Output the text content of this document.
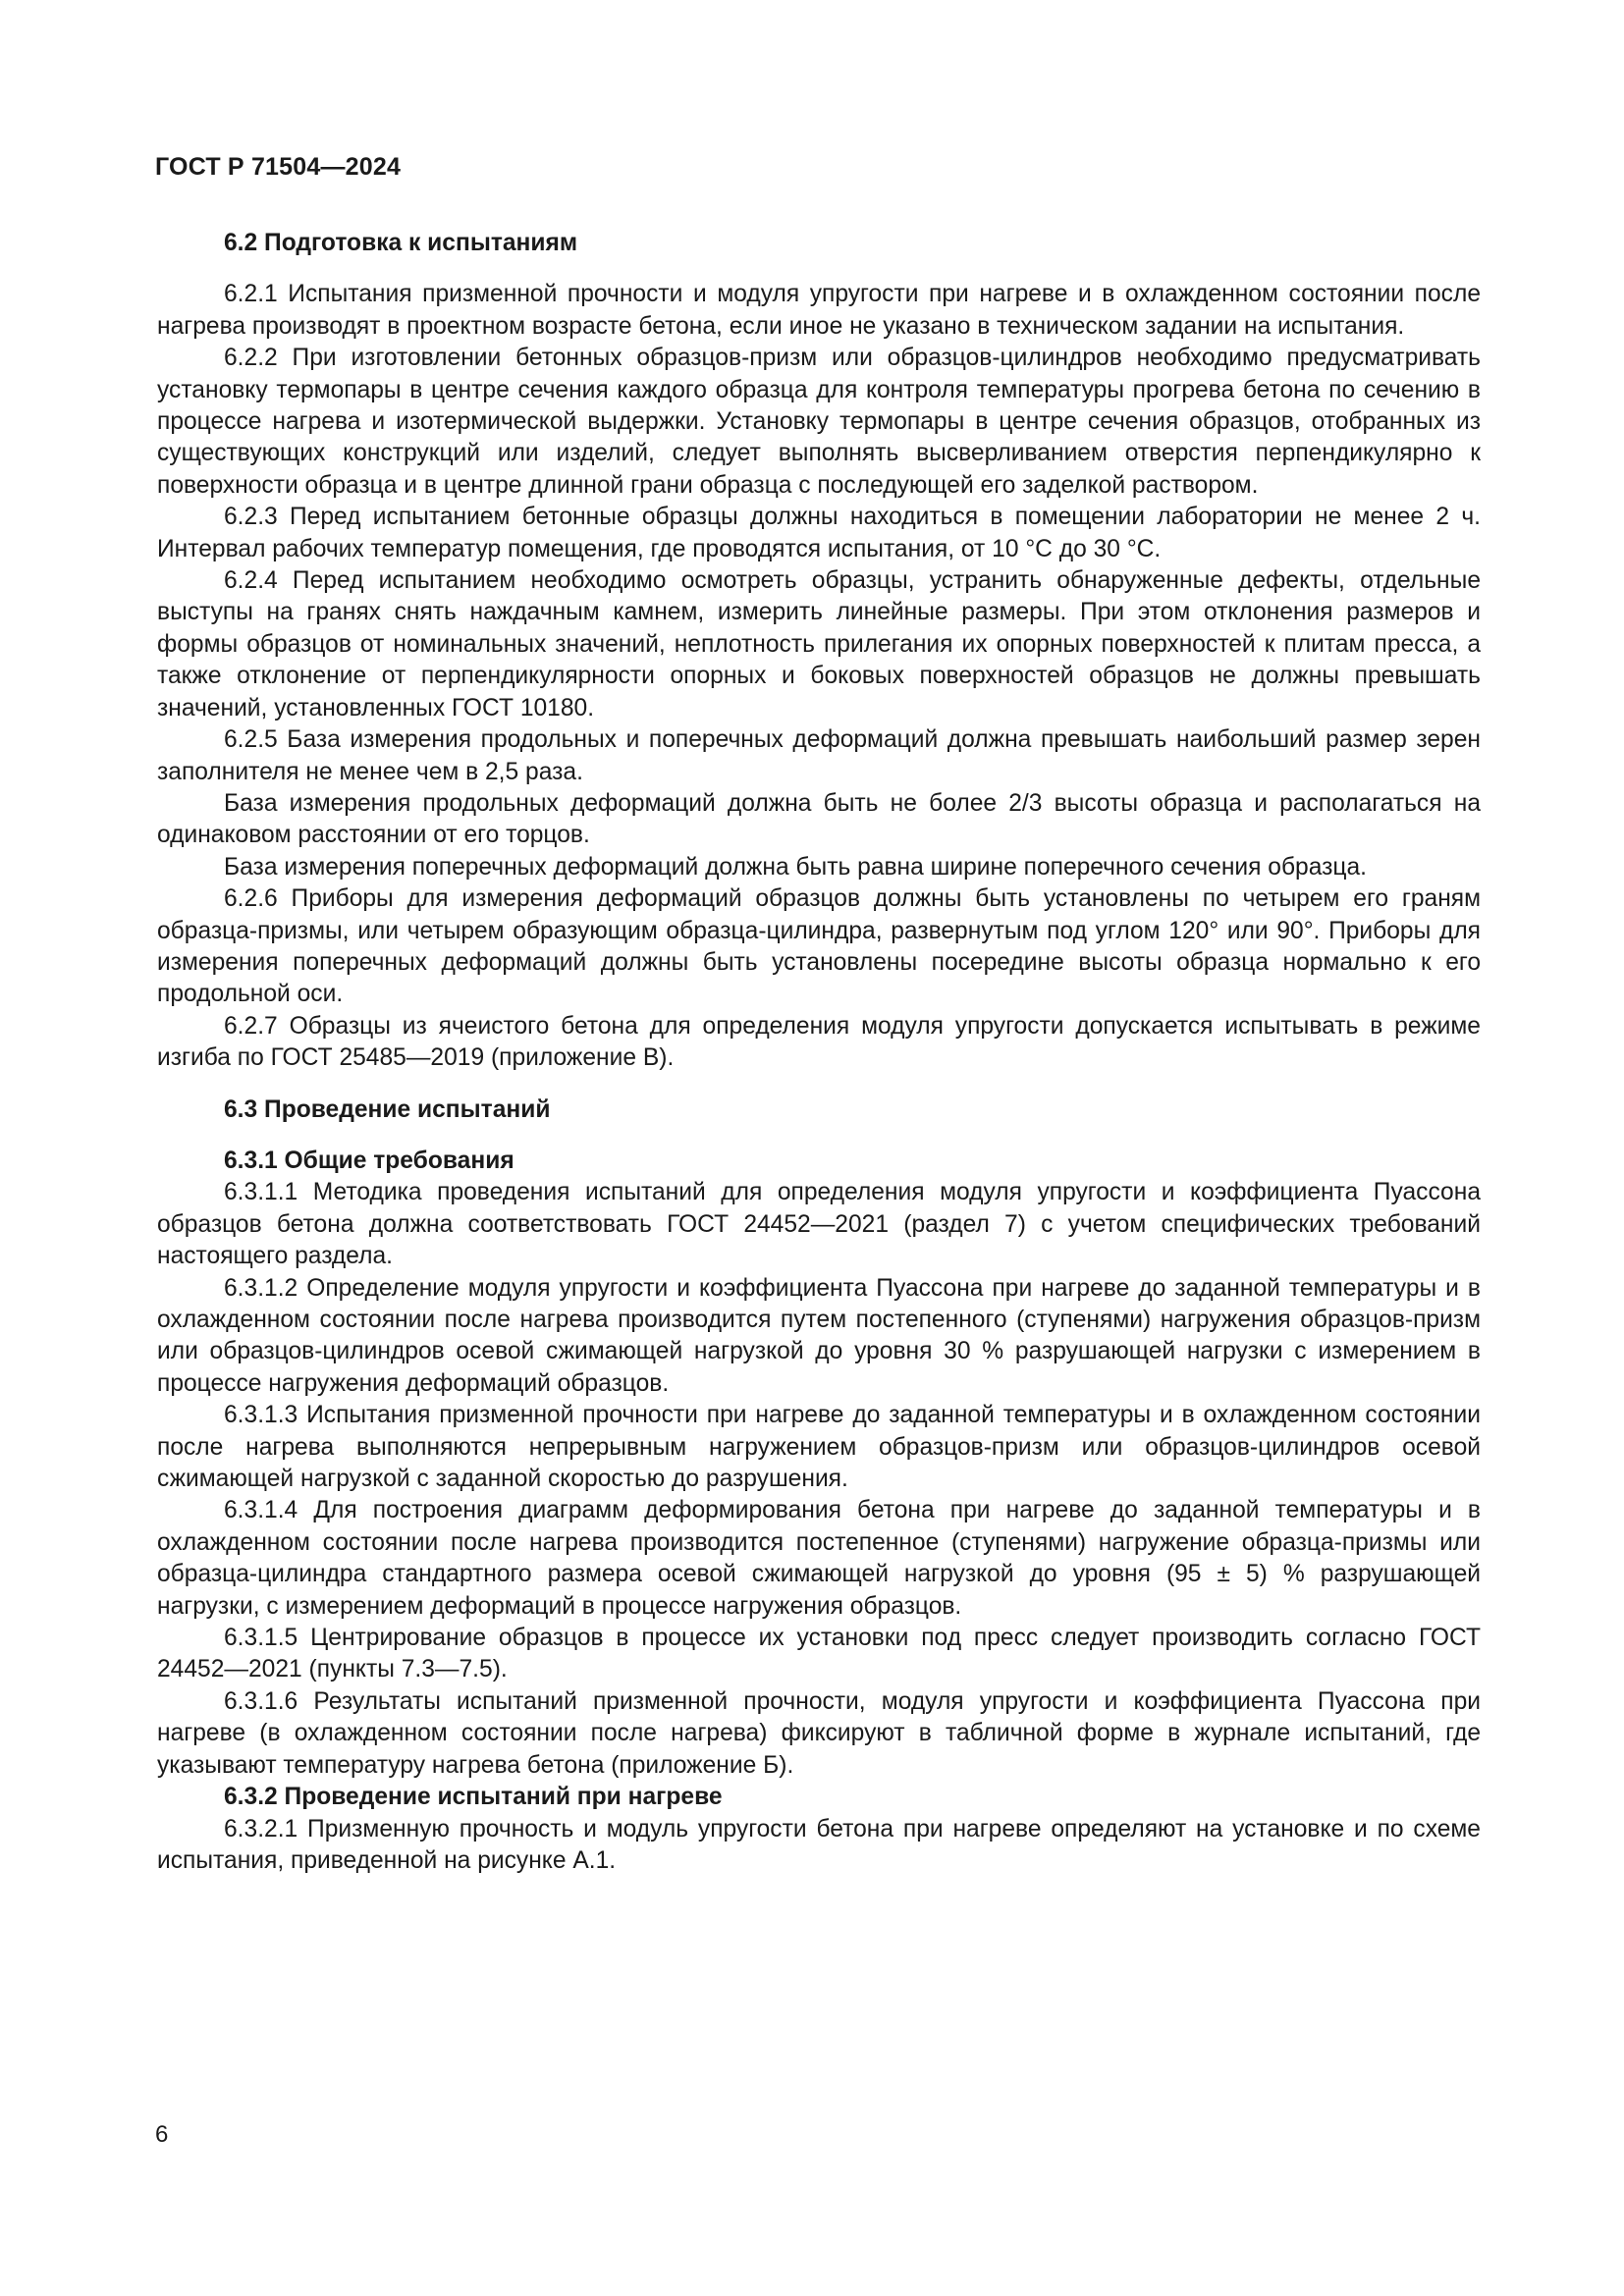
ГОСТ Р 71504—2024
6.2 Подготовка к испытаниям

6.2.1 Испытания призменной прочности и модуля упругости при нагреве и в охлажденном состоянии после нагрева производят в проектном возрасте бетона, если иное не указано в техническом задании на испытания.

6.2.2 При изготовлении бетонных образцов-призм или образцов-цилиндров необходимо предусматривать установку термопары в центре сечения каждого образца для контроля температуры прогрева бетона по сечению в процессе нагрева и изотермической выдержки. Установку термопары в центре сечения образцов, отобранных из существующих конструкций или изделий, следует выполнять высверливанием отверстия перпендикулярно к поверхности образца и в центре длинной грани образца с последующей его заделкой раствором.

6.2.3 Перед испытанием бетонные образцы должны находиться в помещении лаборатории не менее 2 ч. Интервал рабочих температур помещения, где проводятся испытания, от 10 °С до 30 °С.

6.2.4 Перед испытанием необходимо осмотреть образцы, устранить обнаруженные дефекты, отдельные выступы на гранях снять наждачным камнем, измерить линейные размеры. При этом отклонения размеров и формы образцов от номинальных значений, неплотность прилегания их опорных поверхностей к плитам пресса, а также отклонение от перпендикулярности опорных и боковых поверхностей образцов не должны превышать значений, установленных ГОСТ 10180.

6.2.5 База измерения продольных и поперечных деформаций должна превышать наибольший размер зерен заполнителя не менее чем в 2,5 раза.

База измерения продольных деформаций должна быть не более 2/3 высоты образца и располагаться на одинаковом расстоянии от его торцов.

База измерения поперечных деформаций должна быть равна ширине поперечного сечения образца.

6.2.6 Приборы для измерения деформаций образцов должны быть установлены по четырем его граням образца-призмы, или четырем образующим образца-цилиндра, развернутым под углом 120° или 90°. Приборы для измерения поперечных деформаций должны быть установлены посередине высоты образца нормально к его продольной оси.

6.2.7 Образцы из ячеистого бетона для определения модуля упругости допускается испытывать в режиме изгиба по ГОСТ 25485—2019 (приложение В).

6.3 Проведение испытаний
6.3.1 Общие требования

6.3.1.1 Методика проведения испытаний для определения модуля упругости и коэффициента Пуассона образцов бетона должна соответствовать ГОСТ 24452—2021 (раздел 7) с учетом специфических требований настоящего раздела.

6.3.1.2 Определение модуля упругости и коэффициента Пуассона при нагреве до заданной температуры и в охлажденном состоянии после нагрева производится путем постепенного (ступенями) нагружения образцов-призм или образцов-цилиндров осевой сжимающей нагрузкой до уровня 30 % разрушающей нагрузки с измерением в процессе нагружения деформаций образцов.

6.3.1.3 Испытания призменной прочности при нагреве до заданной температуры и в охлажденном состоянии после нагрева выполняются непрерывным нагружением образцов-призм или образцов-цилиндров осевой сжимающей нагрузкой с заданной скоростью до разрушения.

6.3.1.4 Для построения диаграмм деформирования бетона при нагреве до заданной температуры и в охлажденном состоянии после нагрева производится постепенное (ступенями) нагружение образца-призмы или образца-цилиндра стандартного размера осевой сжимающей нагрузкой до уровня (95 ± 5) % разрушающей нагрузки, с измерением деформаций в процессе нагружения образцов.

6.3.1.5 Центрирование образцов в процессе их установки под пресс следует производить согласно ГОСТ 24452—2021 (пункты 7.3—7.5).

6.3.1.6 Результаты испытаний призменной прочности, модуля упругости и коэффициента Пуассона при нагреве (в охлажденном состоянии после нагрева) фиксируют в табличной форме в журнале испытаний, где указывают температуру нагрева бетона (приложение Б).

6.3.2 Проведение испытаний при нагреве

6.3.2.1 Призменную прочность и модуль упругости бетона при нагреве определяют на установке и по схеме испытания, приведенной на рисунке А.1.

6
